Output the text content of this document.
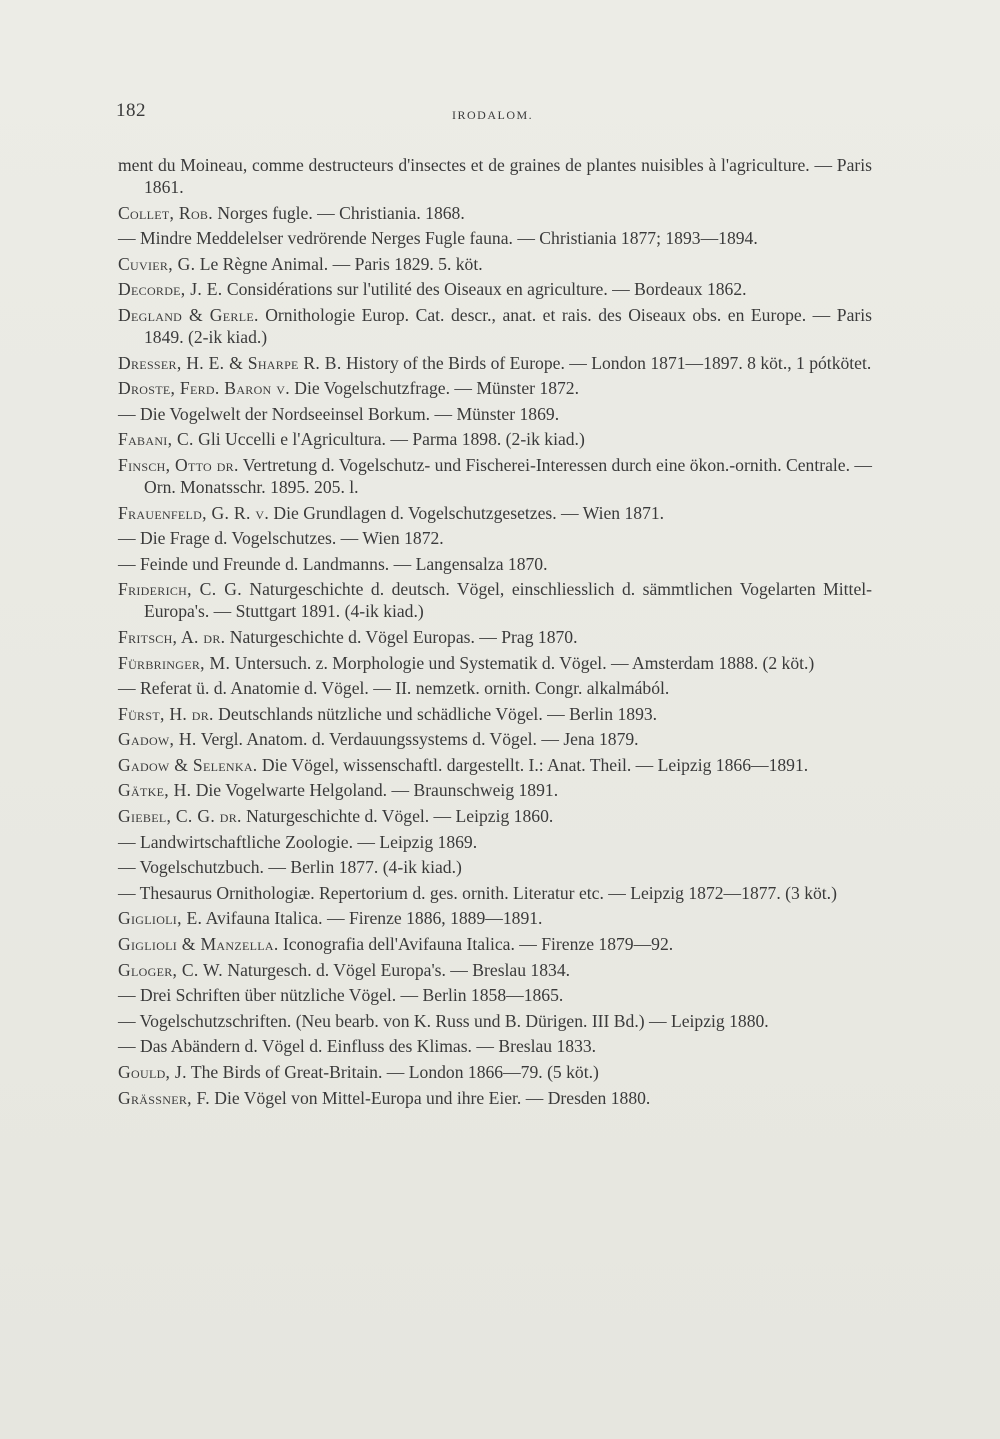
182	IRODALOM.

ment du Moineau, comme destructeurs d'insectes et de graines de plantes nuisibles à l'agriculture. — Paris 1861.

Collet, Rob. Norges fugle. — Christiania. 1868.

— Mindre Meddelelser vedrörende Nerges Fugle fauna. — Christiania 1877; 1893—1894.

Cuvier, G. Le Règne Animal. — Paris 1829. 5. köt.

Decorde, J. E. Considérations sur l'utilité des Oiseaux en agriculture. — Bordeaux 1862.

Degland & Gerle. Ornithologie Europ. Cat. descr., anat. et rais. des Oiseaux obs. en Europe. — Paris 1849. (2-ik kiad.)

Dresser, H. E. & Sharpe R. B. History of the Birds of Europe. — London 1871—1897. 8 köt., 1 pótkötet.

Droste, Ferd. Baron v. Die Vogelschutzfrage. — Münster 1872.

— Die Vogelwelt der Nordseeinsel Borkum. — Münster 1869.

Fabani, C. Gli Uccelli e l'Agricultura. — Parma 1898. (2-ik kiad.)

Finsch, Otto dr. Vertretung d. Vogelschutz- und Fischerei-Interessen durch eine ökon.-ornith. Centrale. — Orn. Monatsschr. 1895. 205. l.

Frauenfeld, G. R. v. Die Grundlagen d. Vogelschutzgesetzes. — Wien 1871.

— Die Frage d. Vogelschutzes. — Wien 1872.

— Feinde und Freunde d. Landmanns. — Langensalza 1870.

Friderich, C. G. Naturgeschichte d. deutsch. Vögel, einschliesslich d. sämmtlichen Vogelarten Mittel-Europa's. — Stuttgart 1891. (4-ik kiad.)

Fritsch, A. dr. Naturgeschichte d. Vögel Europas. — Prag 1870.

Fürbringer, M. Untersuch. z. Morphologie und Systematik d. Vögel. — Amsterdam 1888. (2 köt.)

— Referat ü. d. Anatomie d. Vögel. — II. nemzetk. ornith. Congr. alkalmából.

Fürst, H. dr. Deutschlands nützliche und schädliche Vögel. — Berlin 1893.

Gadow, H. Vergl. Anatom. d. Verdauungssystems d. Vögel. — Jena 1879.

Gadow & Selenka. Die Vögel, wissenschaftl. dargestellt. I.: Anat. Theil. — Leipzig 1866—1891.

Gätke, H. Die Vogelwarte Helgoland. — Braunschweig 1891.

Giebel, C. G. dr. Naturgeschichte d. Vögel. — Leipzig 1860.

— Landwirtschaftliche Zoologie. — Leipzig 1869.

— Vogelschutzbuch. — Berlin 1877. (4-ik kiad.)

— Thesaurus Ornithologiæ. Repertorium d. ges. ornith. Literatur etc. — Leipzig 1872—1877. (3 köt.)

Giglioli, E. Avifauna Italica. — Firenze 1886, 1889—1891.

Giglioli & Manzella. Iconografia dell'Avifauna Italica. — Firenze 1879—92.

Gloger, C. W. Naturgesch. d. Vögel Europa's. — Breslau 1834.

— Drei Schriften über nützliche Vögel. — Berlin 1858—1865.

— Vogelschutzschriften. (Neu bearb. von K. Russ und B. Dürigen. III Bd.) — Leipzig 1880.

— Das Abändern d. Vögel d. Einfluss des Klimas. — Breslau 1833.

Gould, J. The Birds of Great-Britain. — London 1866—79. (5 köt.)

Grässner, F. Die Vögel von Mittel-Europa und ihre Eier. — Dresden 1880.
